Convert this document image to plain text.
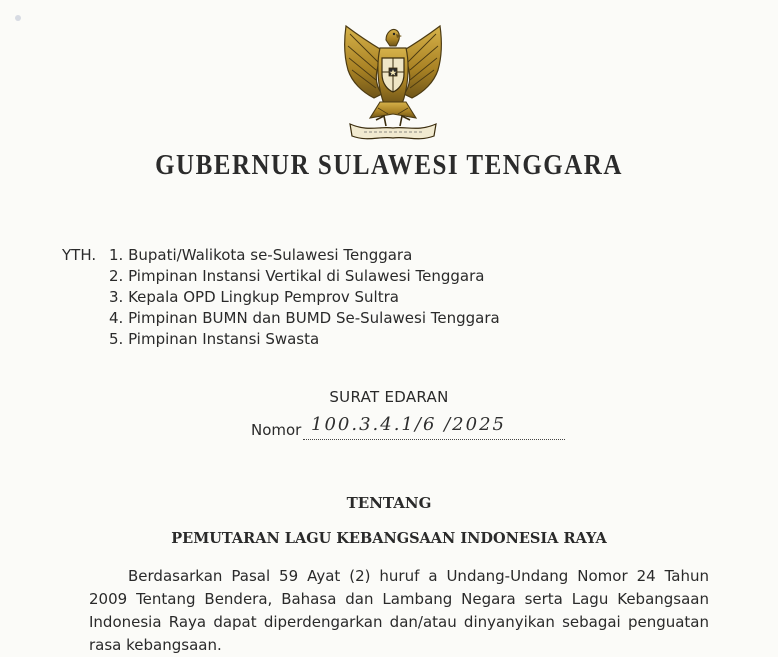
GUBERNUR SULAWESI TENGGARA
YTH. 1. Bupati/Walikota se-Sulawesi Tenggara
2. Pimpinan Instansi Vertikal di Sulawesi Tenggara
3. Kepala OPD Lingkup Pemprov Sultra
4. Pimpinan BUMN dan BUMD Se-Sulawesi Tenggara
5. Pimpinan Instansi Swasta
SURAT EDARAN
Nomor 100.3.4.1/6 /2025
TENTANG
PEMUTARAN LAGU KEBANGSAAN INDONESIA RAYA

Berdasarkan Pasal 59 Ayat (2) huruf a Undang-Undang Nomor 24 Tahun 2009 Tentang Bendera, Bahasa dan Lambang Negara serta Lagu Kebangsaan Indonesia Raya dapat diperdengarkan dan/atau dinyanyikan sebagai penguatan rasa kebangsaan.
